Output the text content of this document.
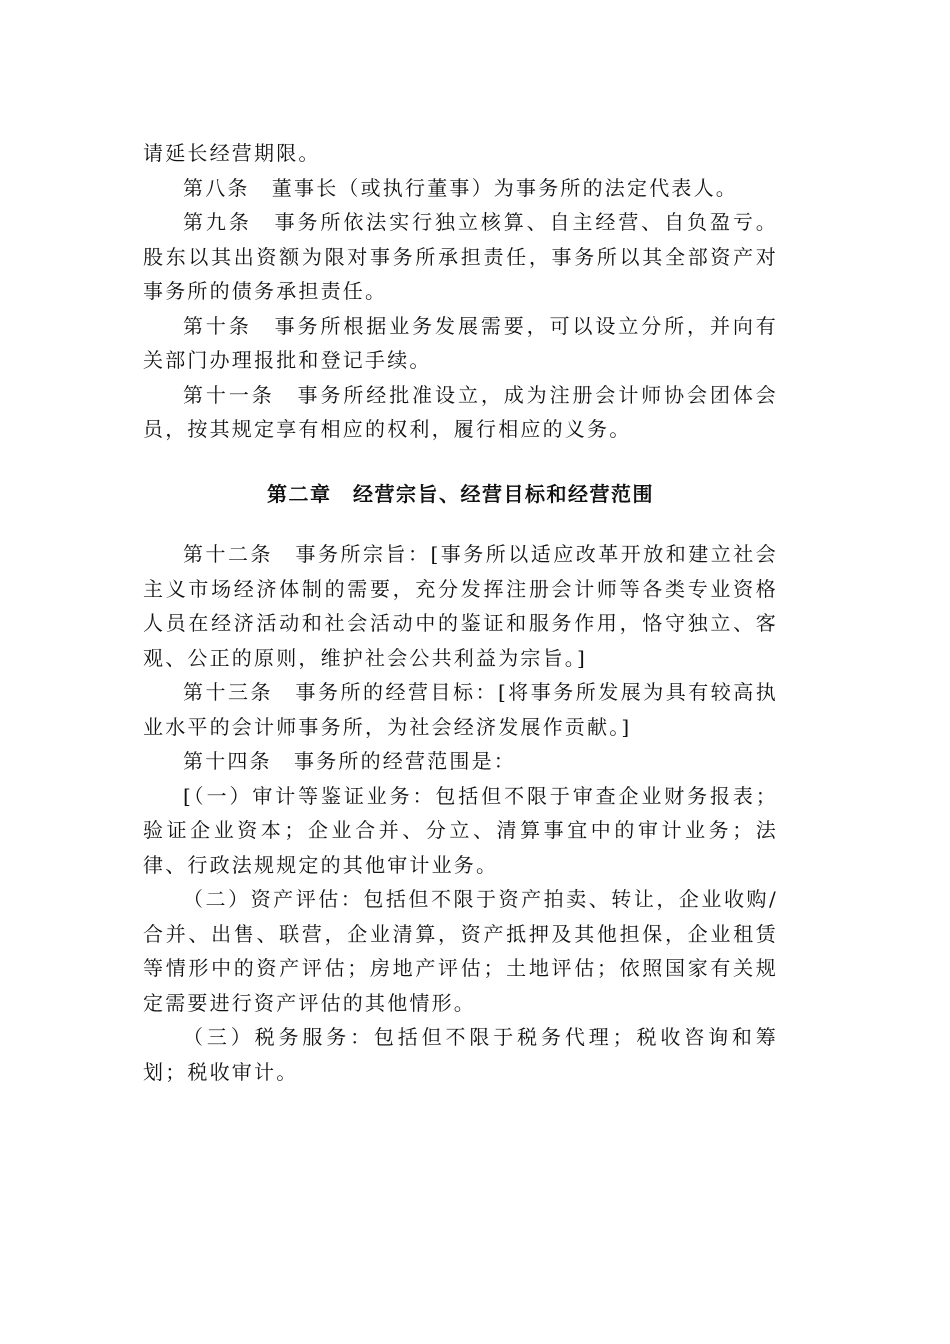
请延长经营期限。

第八条　董事长（或执行董事）为事务所的法定代表人。

第九条　事务所依法实行独立核算、自主经营、自负盈亏。股东以其出资额为限对事务所承担责任，事务所以其全部资产对事务所的债务承担责任。

第十条　事务所根据业务发展需要，可以设立分所，并向有关部门办理报批和登记手续。

第十一条　事务所经批准设立，成为注册会计师协会团体会员，按其规定享有相应的权利，履行相应的义务。

第二章　经营宗旨、经营目标和经营范围

第十二条　事务所宗旨：[事务所以适应改革开放和建立社会主义市场经济体制的需要，充分发挥注册会计师等各类专业资格人员在经济活动和社会活动中的鉴证和服务作用，恪守独立、客观、公正的原则，维护社会公共利益为宗旨。]

第十三条　事务所的经营目标：[将事务所发展为具有较高执业水平的会计师事务所，为社会经济发展作贡献。]

第十四条　事务所的经营范围是：

[（一）审计等鉴证业务：包括但不限于审查企业财务报表；验证企业资本；企业合并、分立、清算事宜中的审计业务；法律、行政法规规定的其他审计业务。

（二）资产评估：包括但不限于资产拍卖、转让，企业收购/合并、出售、联营，企业清算，资产抵押及其他担保，企业租赁等情形中的资产评估；房地产评估；土地评估；依照国家有关规定需要进行资产评估的其他情形。

（三）税务服务：包括但不限于税务代理；税收咨询和筹划；税收审计。
